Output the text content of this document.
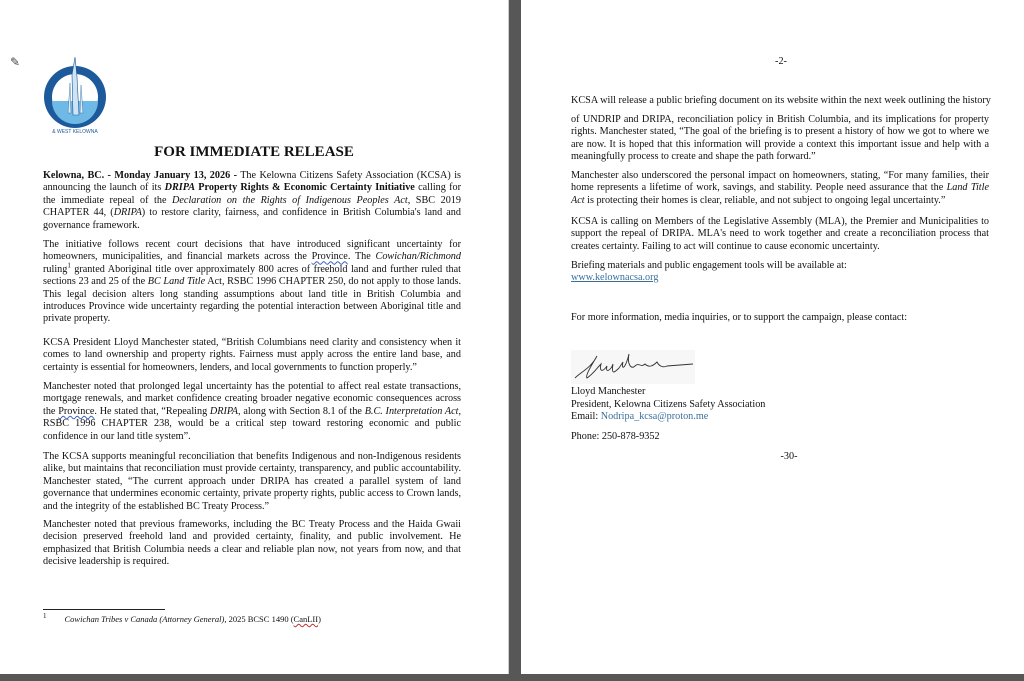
✎
& WEST KELOWNA
FOR IMMEDIATE RELEASE

Kelowna, BC. - Monday January 13, 2026 - The Kelowna Citizens Safety Association (KCSA) is announcing the launch of its DRIPA Property Rights & Economic Certainty Initiative calling for the immediate repeal of the Declaration on the Rights of Indigenous Peoples Act, SBC 2019 CHAPTER 44, (DRIPA) to restore clarity, fairness, and confidence in British Columbia's land and governance framework.

The initiative follows recent court decisions that have introduced significant uncertainty for homeowners, municipalities, and financial markets across the Province. The Cowichan/Richmond ruling$^1$ granted Aboriginal title over approximately 800 acres of freehold land and further ruled that sections 23 and 25 of the BC Land Title Act, RSBC 1996 CHAPTER 250, do not apply to those lands. This legal decision alters long standing assumptions about land title in British Columbia and introduces Province wide uncertainty regarding the potential interaction between Aboriginal title and private property.

KCSA President Lloyd Manchester stated, “British Columbians need clarity and consistency when it comes to land ownership and property rights. Fairness must apply across the entire land base, and certainty is essential for homeowners, lenders, and local governments to function properly.”

Manchester noted that prolonged legal uncertainty has the potential to affect real estate transactions, mortgage renewals, and market confidence creating broader negative economic consequences across the Province. He stated that, “Repealing DRIPA, along with Section 8.1 of the B.C. Interpretation Act, RSBC 1996 CHAPTER 238, would be a critical step toward restoring economic and public confidence in our land title system”.

The KCSA supports meaningful reconciliation that benefits Indigenous and non-Indigenous residents alike, but maintains that reconciliation must provide certainty, transparency, and public accountability. Manchester stated, “The current approach under DRIPA has created a parallel system of land governance that undermines economic certainty, private property rights, public access to Crown lands, and the integrity of the established BC Treaty Process.”

Manchester noted that previous frameworks, including the BC Treaty Process and the Haida Gwaii decision preserved freehold land and provided certainty, finality, and public involvement. He emphasized that British Columbia needs a clear and reliable plan now, not years from now, and that decisive leadership is required.

$^1$ Cowichan Tribes v Canada (Attorney General), 2025 BCSC 1490 (CanLII)
-2-

KCSA will release a public briefing document on its website within the next week outlining the history

of UNDRIP and DRIPA, reconciliation policy in British Columbia, and its implications for property rights. Manchester stated, “The goal of the briefing is to present a history of how we got to where we are now. It is hoped that this information will provide a context this important issue and help with a meaningfully process to create and shape the path forward.”

Manchester also underscored the personal impact on homeowners, stating, “For many families, their home represents a lifetime of work, savings, and stability. People need assurance that the Land Title Act is protecting their homes is clear, reliable, and not subject to ongoing legal uncertainty.”

KCSA is calling on Members of the Legislative Assembly (MLA), the Premier and Municipalities to support the repeal of DRIPA. MLA's need to work together and create a reconciliation process that creates certainty. Failing to act will continue to cause economic uncertainty.

Briefing materials and public engagement tools will be available at:
www.kelownacsa.org

For more information, media inquiries, or to support the campaign, please contact:

Lloyd Manchester
President, Kelowna Citizens Safety Association
Email: Nodripa_kcsa@proton.me

Phone: 250-878-9352

-30-
